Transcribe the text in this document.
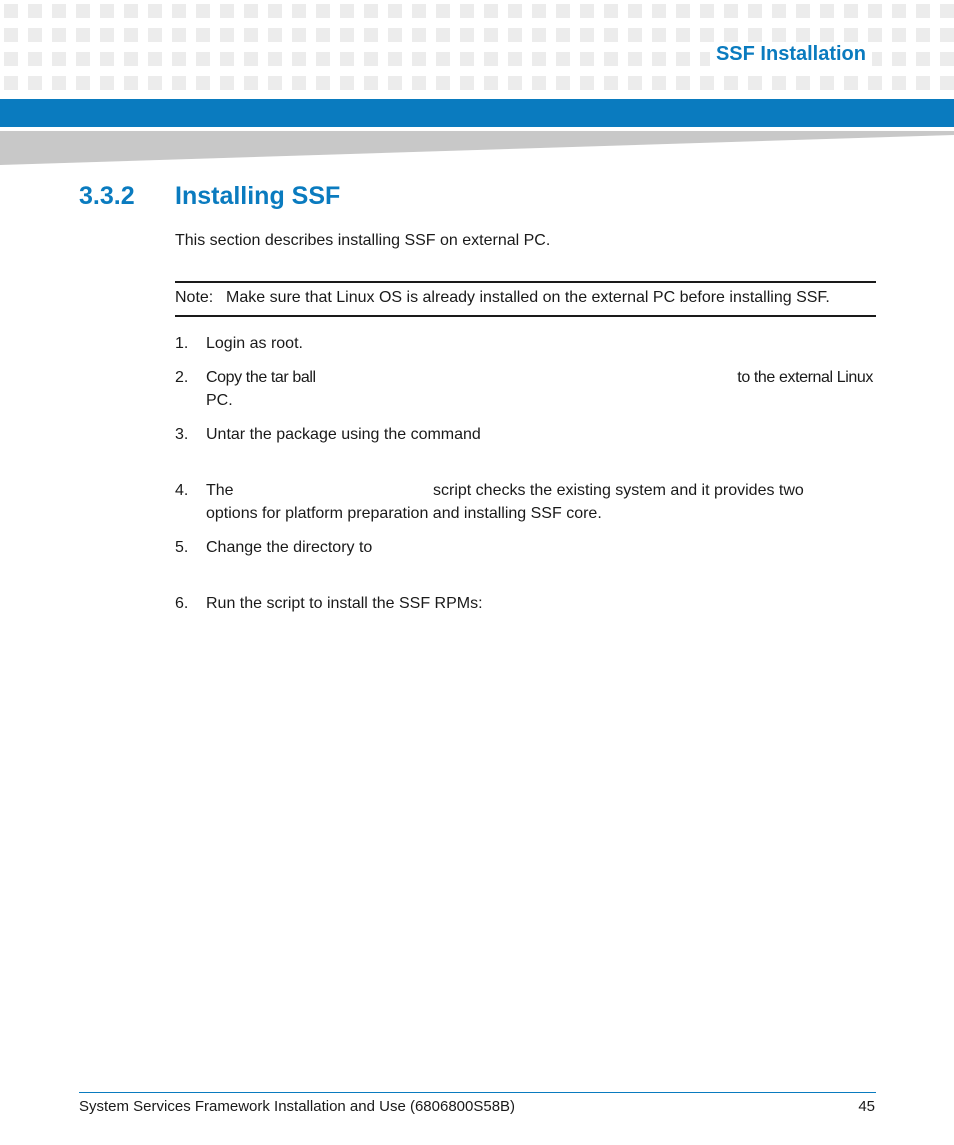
SSF Installation
3.3.2 Installing SSF
This section describes installing SSF on external PC.
Note: Make sure that Linux OS is already installed on the external PC before installing SSF.
1. Login as root.
2. Copy the tar ball	to the external Linux
PC.
3. Untar the package using the command
4. The	script checks the existing system and it provides two
options for platform preparation and installing SSF core.
5. Change the directory to
6. Run the script to install the SSF RPMs:
System Services Framework Installation and Use (6806800S58B)	45
